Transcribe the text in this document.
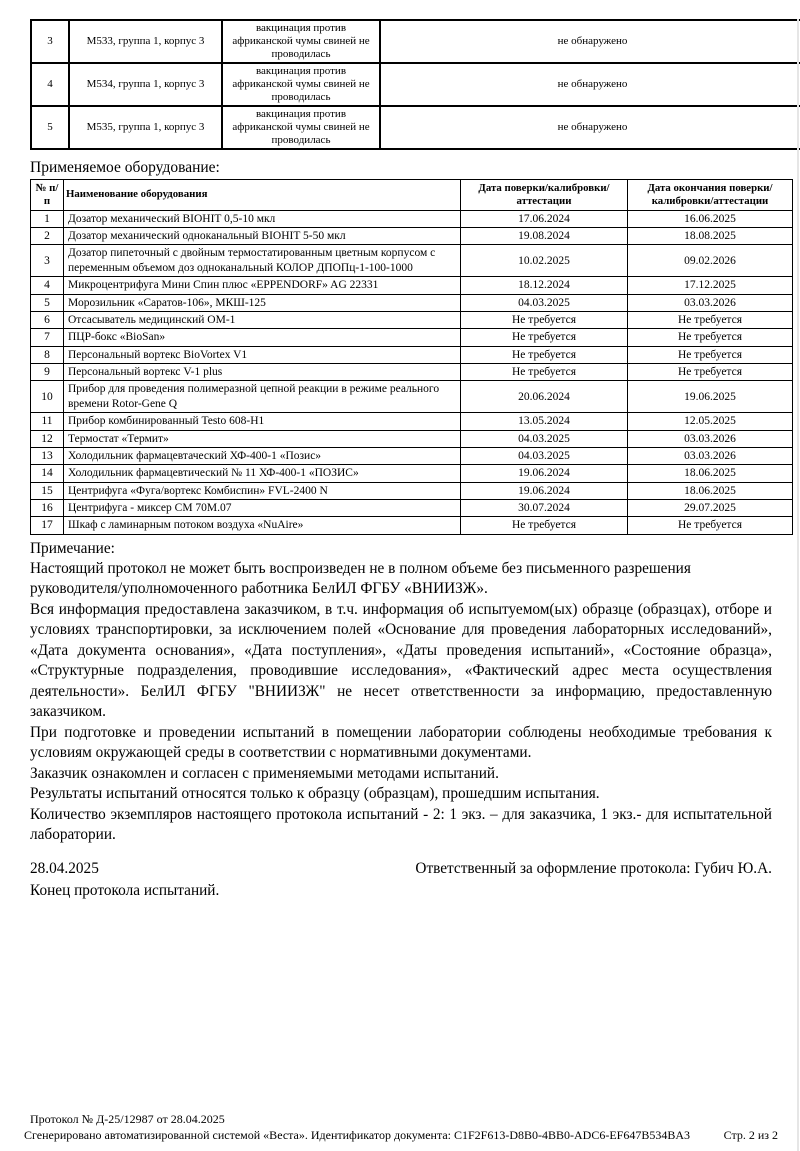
3	М533, группа 1, корпус 3	вакцинация против африканской чумы свиней не проводилась	не обнаружено
4	М534, группа 1, корпус 3	вакцинация против африканской чумы свиней не проводилась	не обнаружено
5	М535, группа 1, корпус 3	вакцинация против африканской чумы свиней не проводилась	не обнаружено
Применяемое оборудование:
№ п/п	Наименование оборудования	Дата поверки/калибровки/аттестации	Дата окончания поверки/калибровки/аттестации
1	Дозатор механический BIOHIT 0,5-10 мкл	17.06.2024	16.06.2025
2	Дозатор механический одноканальный BIOHIT 5-50 мкл	19.08.2024	18.08.2025
3	Дозатор пипеточный с двойным термостатированным цветным корпусом с переменным объемом доз одноканальный КОЛОР ДПОПц-1-100-1000	10.02.2025	09.02.2026
4	Микроцентрифуга Мини Спин плюс «EPPENDORF» AG 22331	18.12.2024	17.12.2025
5	Морозильник «Саратов-106», МКШ-125	04.03.2025	03.03.2026
6	Отсасыватель медицинский ОМ-1	Не требуется	Не требуется
7	ПЦР-бокс «BioSan»	Не требуется	Не требуется
8	Персональный вортекс BioVortex V1	Не требуется	Не требуется
9	Персональный вортекс V-1 plus	Не требуется	Не требуется
10	Прибор для проведения полимеразной цепной реакции в режиме реального времени Rotor-Gene Q	20.06.2024	19.06.2025
11	Прибор комбинированный Testo 608-H1	13.05.2024	12.05.2025
12	Термостат «Термит»	04.03.2025	03.03.2026
13	Холодильник фармацевтаческий ХФ-400-1 «Позис»	04.03.2025	03.03.2026
14	Холодильник фармацевтический № 11 ХФ-400-1 «ПОЗИС»	19.06.2024	18.06.2025
15	Центрифуга «Фуга/вортекс Комбиспин» FVL-2400 N	19.06.2024	18.06.2025
16	Центрифуга - миксер СМ 70М.07	30.07.2024	29.07.2025
17	Шкаф с ламинарным потоком воздуха «NuAire»	Не требуется	Не требуется
Примечание:

Настоящий протокол не может быть воспроизведен не в полном объеме без письменного разрешения руководителя/уполномоченного работника БелИЛ ФГБУ «ВНИИЗЖ».

Вся информация предоставлена заказчиком, в т.ч. информация об испытуемом(ых) образце (образцах), отборе и условиях транспортировки, за исключением полей «Основание для проведения лабораторных исследований», «Дата документа основания», «Дата поступления», «Даты проведения испытаний», «Состояние образца», «Структурные подразделения, проводившие исследования», «Фактический адрес места осуществления деятельности». БелИЛ ФГБУ "ВНИИЗЖ" не несет ответственности за информацию, предоставленную заказчиком.

При подготовке и проведении испытаний в помещении лаборатории соблюдены необходимые требования к условиям окружающей среды в соответствии с нормативными документами.

Заказчик ознакомлен и согласен с применяемыми методами испытаний.

Результаты испытаний относятся только к образцу (образцам), прошедшим испытания.

Количество экземпляров настоящего протокола испытаний - 2: 1 экз. – для заказчика, 1 экз.- для испытательной лаборатории.

28.04.2025	Ответственный за оформление протокола: Губич Ю.А.
Конец протокола испытаний.
Протокол № Д-25/12987 от 28.04.2025
Сгенерировано автоматизированной системой «Веста». Идентификатор документа: C1F2F613-D8B0-4BB0-ADC6-EF647B534BA3	Стр. 2 из 2
